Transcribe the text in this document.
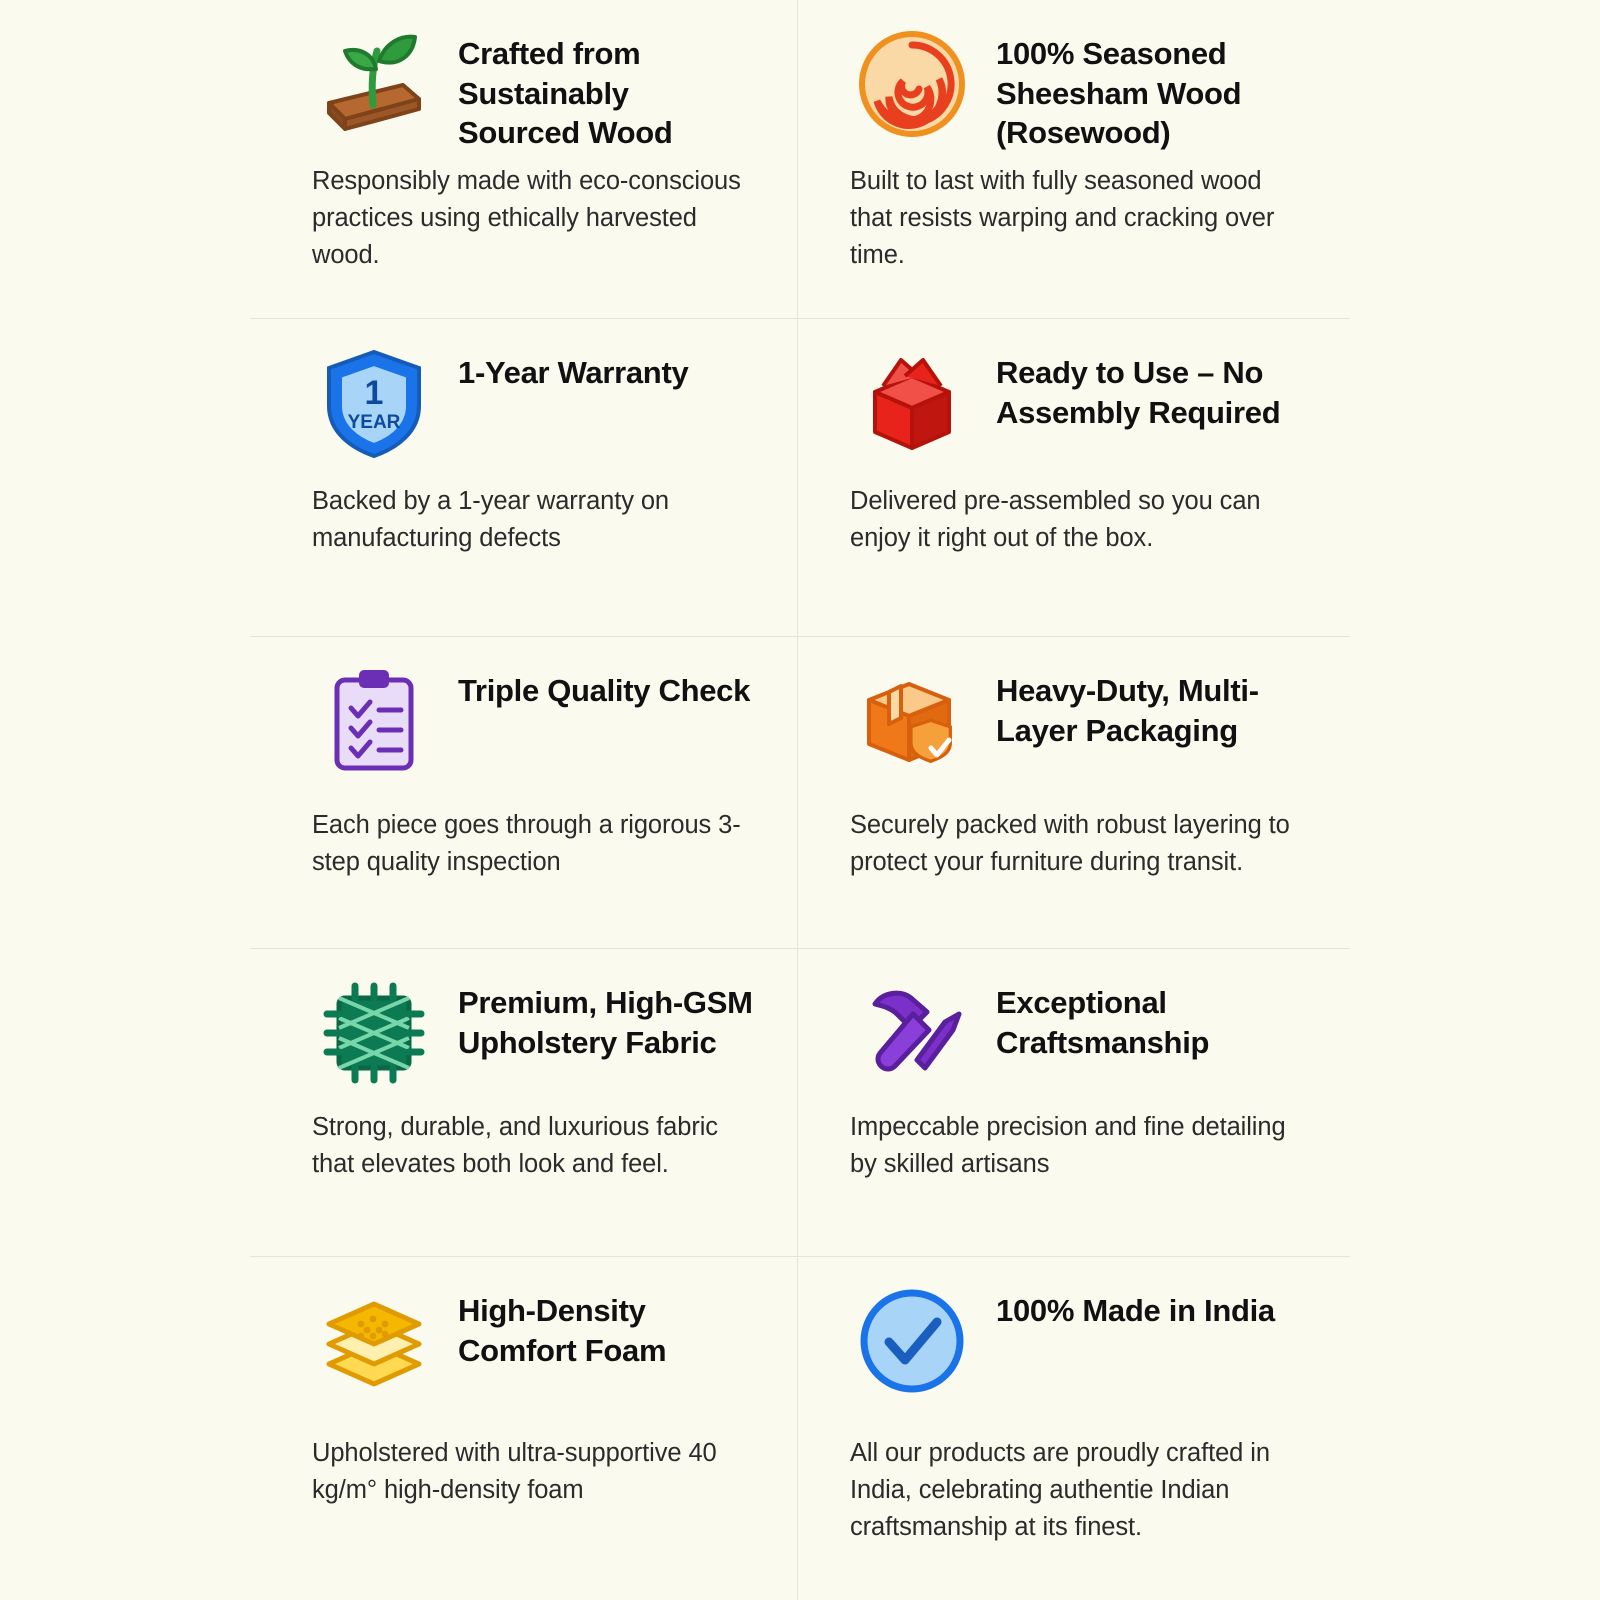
Crafted from Sustainably Sourced Wood
Responsibly made with eco-conscious practices using ethically harvested wood.
100% Seasoned Sheesham Wood (Rosewood)
Built to last with fully seasoned wood that resists warping and cracking over time.
1
YEAR
1-Year Warranty
Backed by a 1-year warranty on manufacturing defects
Ready to Use – No Assembly Required
Delivered pre-assembled so you can enjoy it right out of the box.
Triple Quality Check
Each piece goes through a rigorous 3-step quality inspection
Heavy-Duty, Multi-Layer Packaging
Securely packed with robust layering to protect your furniture during transit.
Premium, High-GSM Upholstery Fabric
Strong, durable, and luxurious fabric that elevates both look and feel.
Exceptional Craftsmanship
Impeccable precision and fine detailing by skilled artisans
High-Density Comfort Foam
Upholstered with ultra-supportive 40 kg/m° high-density foam
100% Made in India
All our products are proudly crafted in India, celebrating authentie Indian craftsmanship at its finest.
